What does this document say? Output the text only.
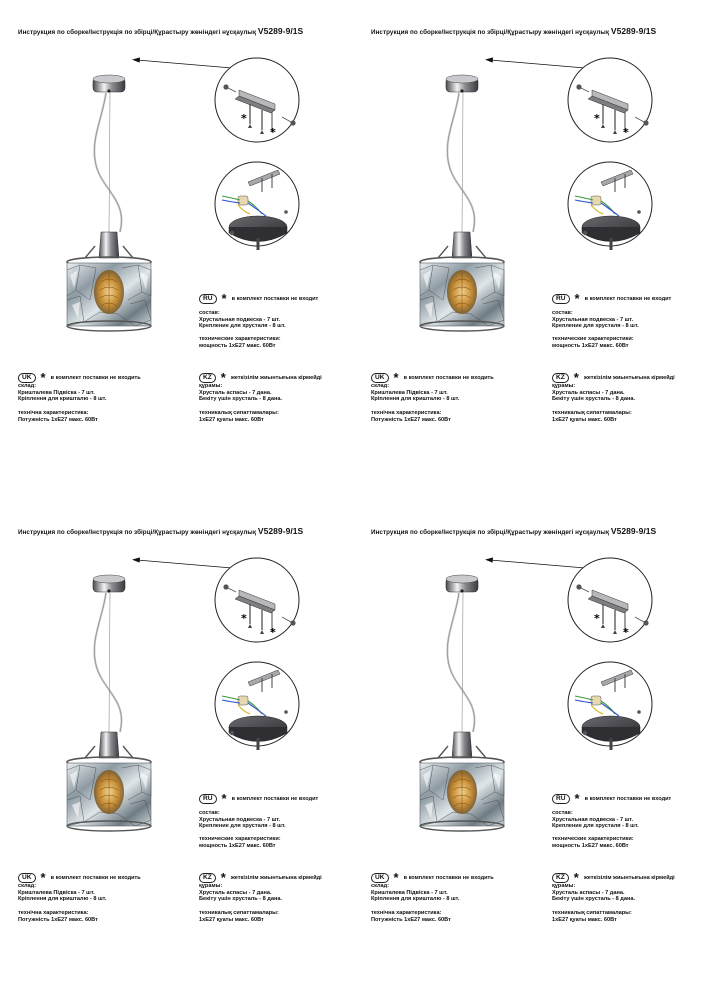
Инструкция по сборке/Інструкція по збірці/Құрастыру жөніндегі нұсқаулық V5289-9/1S
*
*
RU * в комплект поставки не входит
состав:
Хрустальная подвеска - 7 шт.
Крепление для хрусталя - 8 шт.
технические характеристики:
мощность 1xE27 макс. 60Вт
UK * в комплект поставки не входить
склад:
Кришталева Підвіска - 7 шт.
Кріплення для кришталю - 8 шт.
технічна характеристика:
Потужність 1xE27 макс. 60Вт
KZ * жеткізілім жиынтығына кірмейді
құрамы:
Хрусталь аспасы - 7 дана.
Бекіту үшін хрусталь - 8 дана.
техникалық сипаттамалары:
1xE27 қуаты макс. 60Вт
Инструкция по сборке/Інструкція по збірці/Құрастыру жөніндегі нұсқаулық V5289-9/1S
*
*
RU * в комплект поставки не входит
состав:
Хрустальная подвеска - 7 шт.
Крепление для хрусталя - 8 шт.
технические характеристики:
мощность 1xE27 макс. 60Вт
UK * в комплект поставки не входить
склад:
Кришталева Підвіска - 7 шт.
Кріплення для кришталю - 8 шт.
технічна характеристика:
Потужність 1xE27 макс. 60Вт
KZ * жеткізілім жиынтығына кірмейді
құрамы:
Хрусталь аспасы - 7 дана.
Бекіту үшін хрусталь - 8 дана.
техникалық сипаттамалары:
1xE27 қуаты макс. 60Вт
Инструкция по сборке/Інструкція по збірці/Құрастыру жөніндегі нұсқаулық V5289-9/1S
*
*
RU * в комплект поставки не входит
состав:
Хрустальная подвеска - 7 шт.
Крепление для хрусталя - 8 шт.
технические характеристики:
мощность 1xE27 макс. 60Вт
UK * в комплект поставки не входить
склад:
Кришталева Підвіска - 7 шт.
Кріплення для кришталю - 8 шт.
технічна характеристика:
Потужність 1xE27 макс. 60Вт
KZ * жеткізілім жиынтығына кірмейді
құрамы:
Хрусталь аспасы - 7 дана.
Бекіту үшін хрусталь - 8 дана.
техникалық сипаттамалары:
1xE27 қуаты макс. 60Вт
Инструкция по сборке/Інструкція по збірці/Құрастыру жөніндегі нұсқаулық V5289-9/1S
*
*
RU * в комплект поставки не входит
состав:
Хрустальная подвеска - 7 шт.
Крепление для хрусталя - 8 шт.
технические характеристики:
мощность 1xE27 макс. 60Вт
UK * в комплект поставки не входить
склад:
Кришталева Підвіска - 7 шт.
Кріплення для кришталю - 8 шт.
технічна характеристика:
Потужність 1xE27 макс. 60Вт
KZ * жеткізілім жиынтығына кірмейді
құрамы:
Хрусталь аспасы - 7 дана.
Бекіту үшін хрусталь - 8 дана.
техникалық сипаттамалары:
1xE27 қуаты макс. 60Вт
